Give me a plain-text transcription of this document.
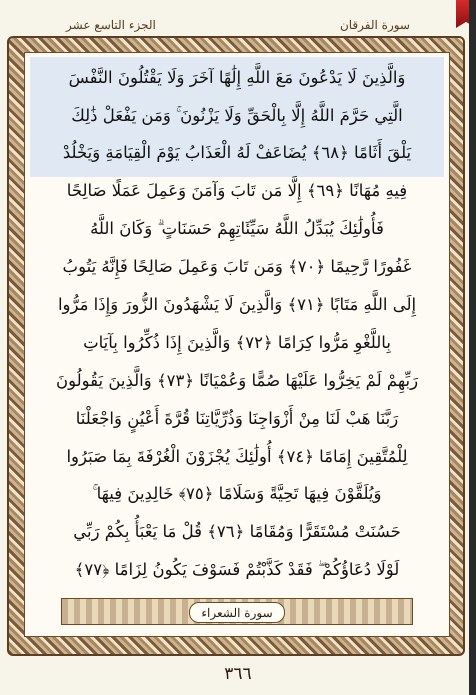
سورة الفرقان
الجزء التاسع عشر
وَالَّذِينَ لَا يَدْعُونَ مَعَ اللَّهِ إِلَٰهًا آخَرَ وَلَا يَقْتُلُونَ النَّفْسَ
الَّتِي حَرَّمَ اللَّهُ إِلَّا بِالْحَقِّ وَلَا يَزْنُونَ ۚ وَمَن يَفْعَلْ ذَٰلِكَ
يَلْقَ أَثَامًا ﴿٦٨﴾ يُضَاعَفْ لَهُ الْعَذَابُ يَوْمَ الْقِيَامَةِ وَيَخْلُدْ
فِيهِ مُهَانًا ﴿٦٩﴾ إِلَّا مَن تَابَ وَآمَنَ وَعَمِلَ عَمَلًا صَالِحًا
فَأُولَٰئِكَ يُبَدِّلُ اللَّهُ سَيِّئَاتِهِمْ حَسَنَاتٍ ۗ وَكَانَ اللَّهُ
غَفُورًا رَّحِيمًا ﴿٧٠﴾ وَمَن تَابَ وَعَمِلَ صَالِحًا فَإِنَّهُ يَتُوبُ
إِلَى اللَّهِ مَتَابًا ﴿٧١﴾ وَالَّذِينَ لَا يَشْهَدُونَ الزُّورَ وَإِذَا مَرُّوا
بِاللَّغْوِ مَرُّوا كِرَامًا ﴿٧٢﴾ وَالَّذِينَ إِذَا ذُكِّرُوا بِآيَاتِ
رَبِّهِمْ لَمْ يَخِرُّوا عَلَيْهَا صُمًّا وَعُمْيَانًا ﴿٧٣﴾ وَالَّذِينَ يَقُولُونَ
رَبَّنَا هَبْ لَنَا مِنْ أَزْوَاجِنَا وَذُرِّيَّاتِنَا قُرَّةَ أَعْيُنٍ وَاجْعَلْنَا
لِلْمُتَّقِينَ إِمَامًا ﴿٧٤﴾ أُولَٰئِكَ يُجْزَوْنَ الْغُرْفَةَ بِمَا صَبَرُوا
وَيُلَقَّوْنَ فِيهَا تَحِيَّةً وَسَلَامًا ﴿٧٥﴾ خَالِدِينَ فِيهَا ۚ
حَسُنَتْ مُسْتَقَرًّا وَمُقَامًا ﴿٧٦﴾ قُلْ مَا يَعْبَأُ بِكُمْ رَبِّي
لَوْلَا دُعَاؤُكُمْ ۖ فَقَدْ كَذَّبْتُمْ فَسَوْفَ يَكُونُ لِزَامًا ﴿٧٧﴾
سورة الشعراء
٣٦٦
